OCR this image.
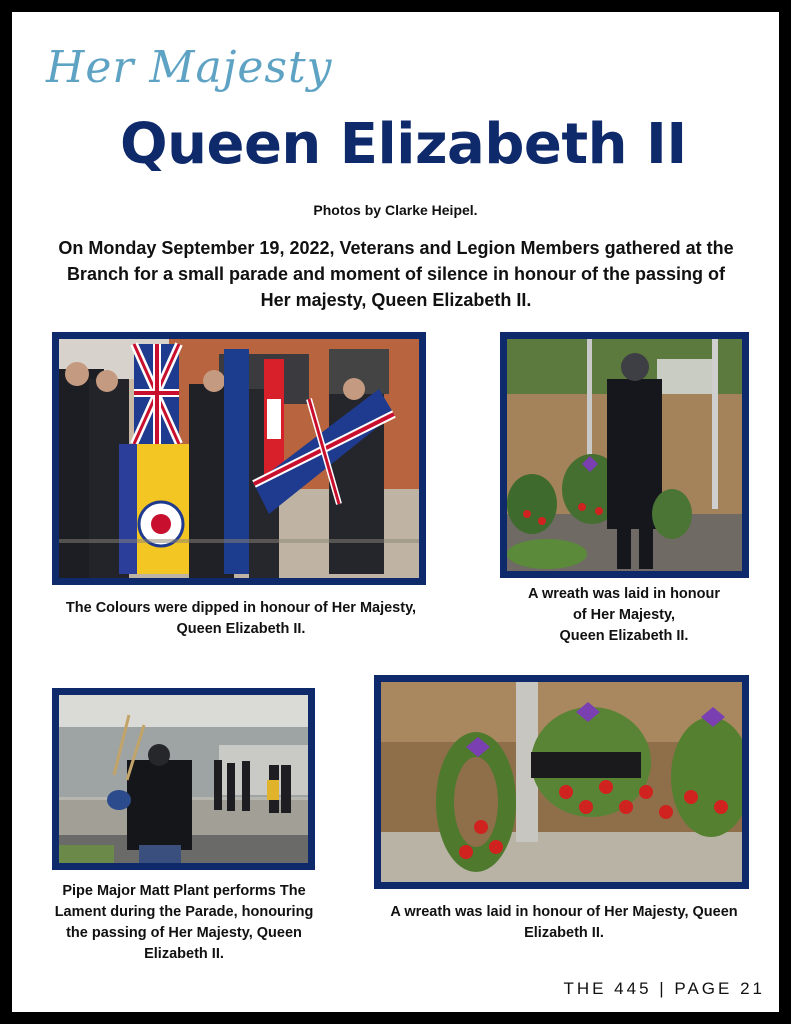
Her Majesty
Queen Elizabeth II
Photos by Clarke Heipel.
On Monday September 19, 2022, Veterans and Legion Members gathered at the Branch for a small parade and moment of silence in honour of the passing of Her majesty, Queen Elizabeth II.
The Colours were dipped in honour of Her Majesty, Queen Elizabeth II.
A wreath was laid in honour
of Her Majesty,
Queen Elizabeth II.
Pipe Major Matt Plant performs The Lament during the Parade, honouring the passing of Her Majesty, Queen Elizabeth II.
A wreath was laid in honour of Her Majesty, Queen Elizabeth II.
THE 445 | PAGE 21
